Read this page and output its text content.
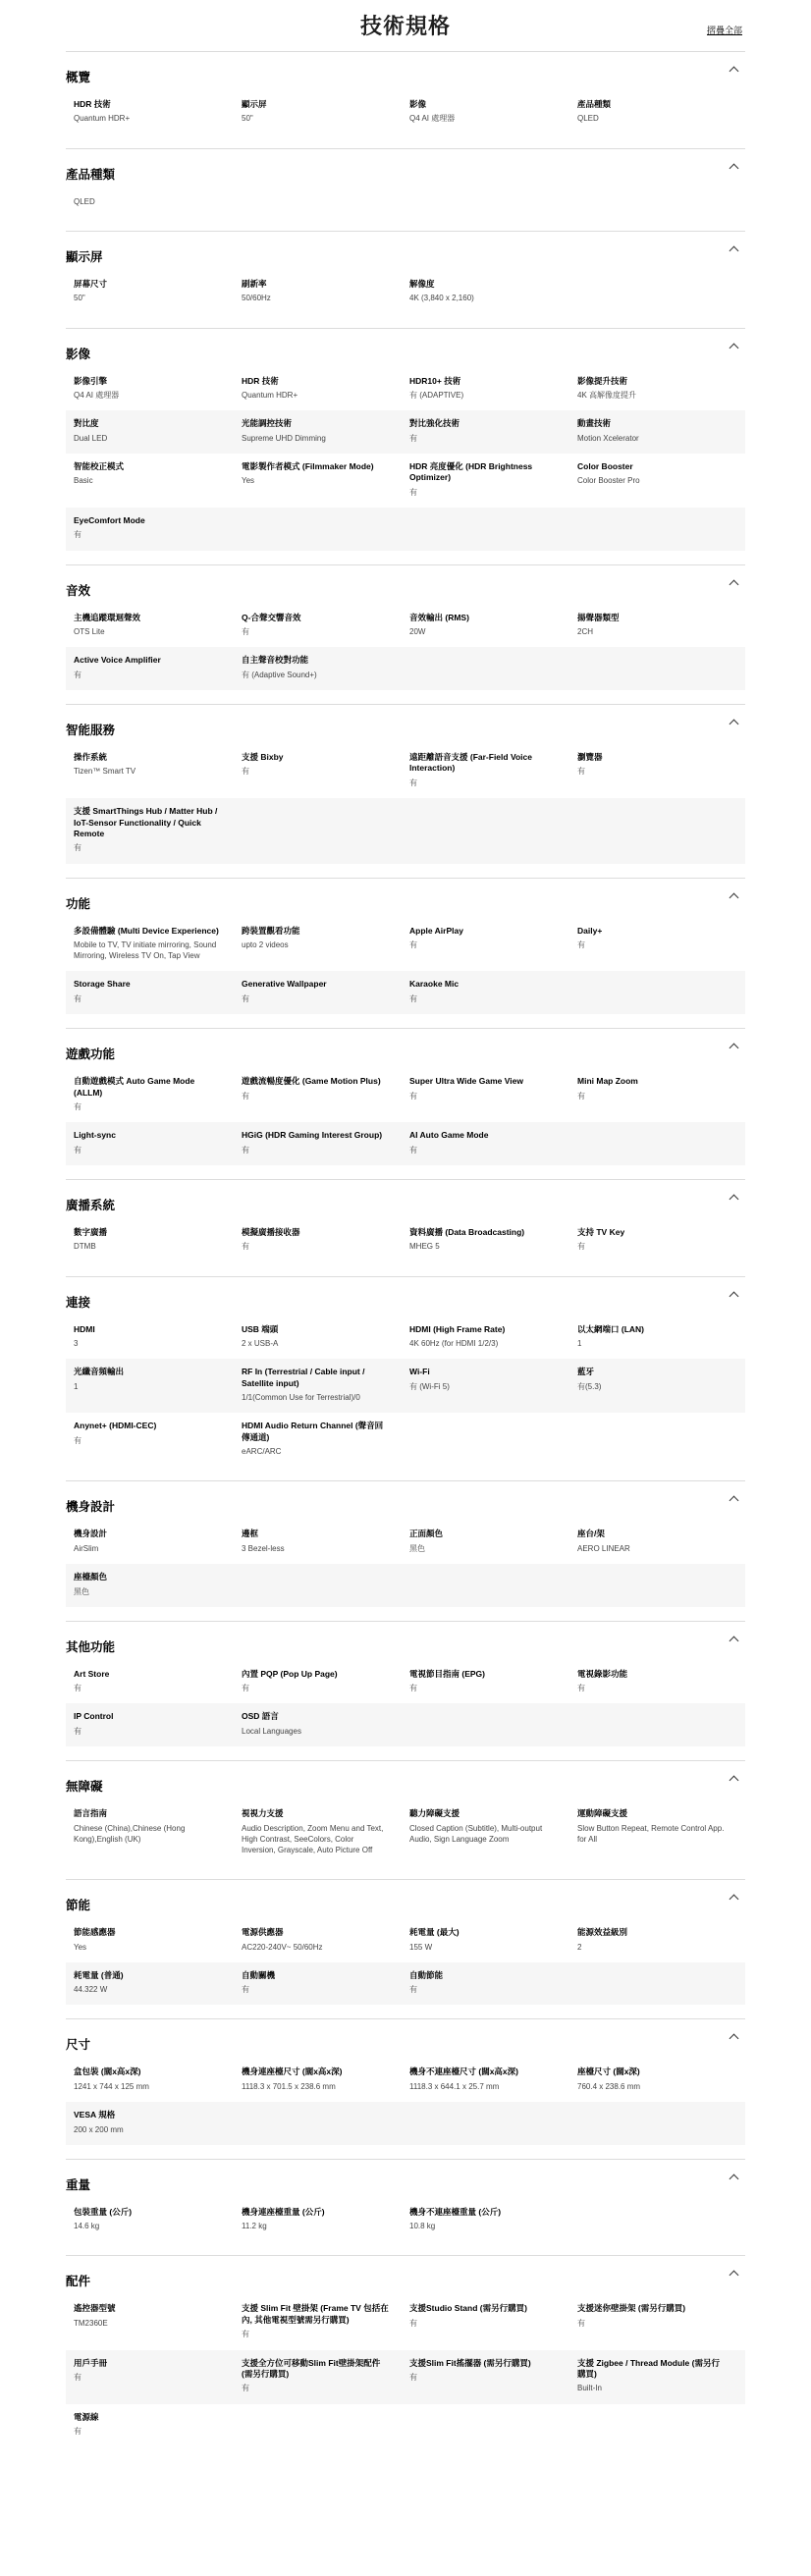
技術規格	摺疊全部
概覽
HDR 技術
Quantum HDR+
顯示屏
50"
影像
Q4 AI 處理器
產品種類
QLED
產品種類
QLED
顯示屏
屏幕尺寸
50"
刷新率
50/60Hz
解像度
4K (3,840 x 2,160)
影像
影像引擎
Q4 AI 處理器
HDR 技術
Quantum HDR+
HDR10+ 技術
有 (ADAPTIVE)
影像提升技術
4K 高解像度提升
對比度
Dual LED
光能調控技術
Supreme UHD Dimming
對比強化技術
有
動畫技術
Motion Xcelerator
智能校正模式
Basic
電影製作者模式 (Filmmaker Mode)
Yes
HDR 亮度優化 (HDR Brightness Optimizer)
有
Color Booster
Color Booster Pro
EyeComfort Mode
有
音效
主機追蹤環迴聲效
OTS Lite
Q-合聲交響音效
有
音效輸出 (RMS)
20W
揚聲器類型
2CH
Active Voice Amplifier
有
自主聲音校對功能
有 (Adaptive Sound+)
智能服務
操作系統
Tizen™ Smart TV
支援 Bixby
有
遠距離語音支援 (Far-Field Voice Interaction)
有
瀏覽器
有
支援 SmartThings Hub / Matter Hub / IoT-Sensor Functionality / Quick Remote
有
功能
多設備體驗 (Multi Device Experience)
Mobile to TV, TV initiate mirroring, Sound Mirroring, Wireless TV On, Tap View
跨裝置觀看功能
upto 2 videos
Apple AirPlay
有
Daily+
有
Storage Share
有
Generative Wallpaper
有
Karaoke Mic
有
遊戲功能
自動遊戲模式 Auto Game Mode (ALLM)
有
遊戲流暢度優化 (Game Motion Plus)
有
Super Ultra Wide Game View
有
Mini Map Zoom
有
Light-sync
有
HGiG (HDR Gaming Interest Group)
有
AI Auto Game Mode
有
廣播系統
數字廣播
DTMB
模擬廣播接收器
有
資料廣播 (Data Broadcasting)
MHEG 5
支持 TV Key
有
連接
HDMI
3
USB 端頭
2 x USB-A
HDMI (High Frame Rate)
4K 60Hz (for HDMI 1/2/3)
以太網端口 (LAN)
1
光纖音頻輸出
1
RF In (Terrestrial / Cable input / Satellite input)
1/1(Common Use for Terrestrial)/0
Wi-Fi
有 (Wi-Fi 5)
藍牙
有(5.3)
Anynet+ (HDMI-CEC)
有
HDMI Audio Return Channel (聲音回傳通道)
eARC/ARC
機身設計
機身設計
AirSlim
邊框
3 Bezel-less
正面顏色
黑色
座台/架
AERO LINEAR
座檯顏色
黑色
其他功能
Art Store
有
內置 PQP (Pop Up Page)
有
電視節目指南 (EPG)
有
電視錄影功能
有
IP Control
有
OSD 語言
Local Languages
無障礙
語言指南
Chinese (China),Chinese (Hong Kong),English (UK)
視視力支援
Audio Description, Zoom Menu and Text, High Contrast, SeeColors, Color Inversion, Grayscale, Auto Picture Off
聽力障礙支援
Closed Caption (Subtitle), Multi-output Audio, Sign Language Zoom
運動障礙支援
Slow Button Repeat, Remote Control App. for All
節能
節能感應器
Yes
電源供應器
AC220-240V~ 50/60Hz
耗電量 (最大)
155 W
能源效益級別
2
耗電量 (普通)
44.322 W
自動關機
有
自動節能
有
尺寸
盒包裝 (闊x高x深)
1241 x 744 x 125 mm
機身連座檯尺寸 (闊x高x深)
1118.3 x 701.5 x 238.6 mm
機身不連座檯尺寸 (闊x高x深)
1118.3 x 644.1 x 25.7 mm
座檯尺寸 (闊x深)
760.4 x 238.6 mm
VESA 規格
200 x 200 mm
重量
包裝重量 (公斤)
14.6 kg
機身連座檯重量 (公斤)
11.2 kg
機身不連座檯重量 (公斤)
10.8 kg
配件
遙控器型號
TM2360E
支援 Slim Fit 壁掛架 (Frame TV 包括在內, 其他電視型號需另行購買)
有
支援Studio Stand (需另行購買)
有
支援迷你壁掛架 (需另行購買)
有
用戶手冊
有
支援全方位可移動Slim Fit壁掛架配件 (需另行購買)
有
支援Slim Fit搖擺器 (需另行購買)
有
支援 Zigbee / Thread Module (需另行購買)
Built-In
電源線
有
